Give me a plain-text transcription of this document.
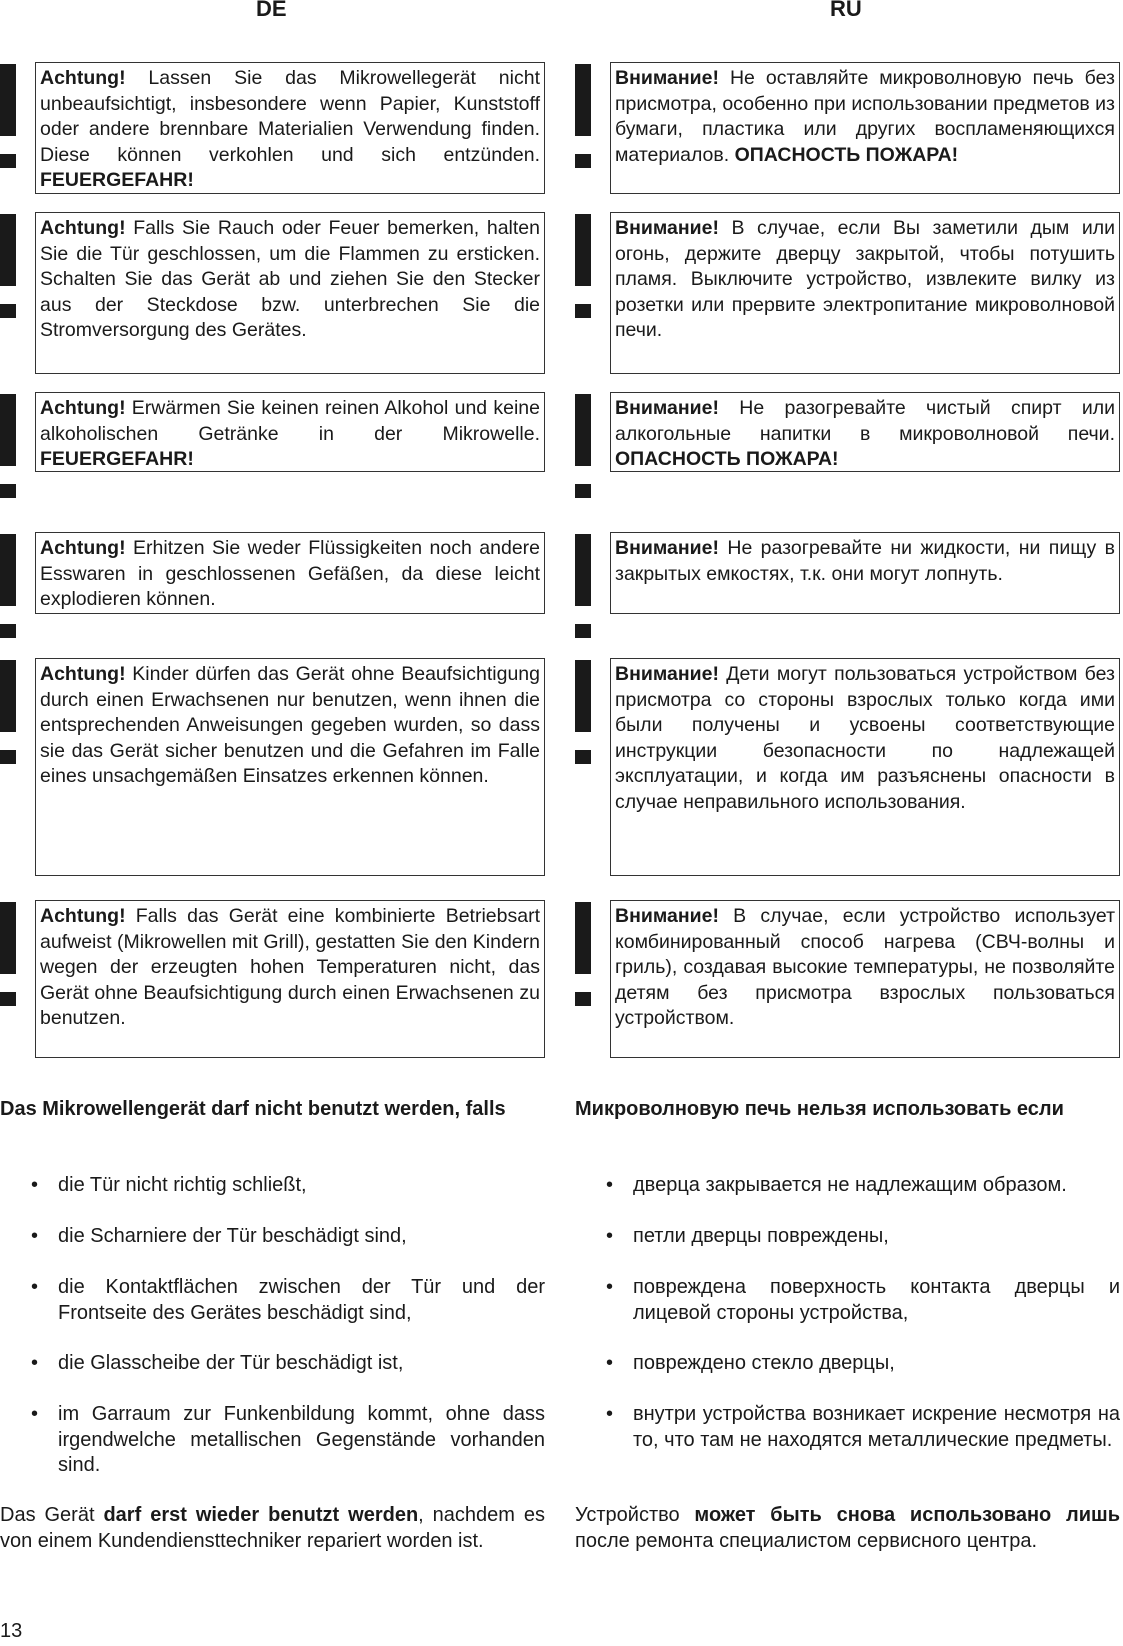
DE	RU
Achtung! Lassen Sie das Mikrowellegerät nicht unbeaufsichtigt, insbesondere wenn Papier, Kunststoff oder andere brennbare Materialien Verwendung finden. Diese können verkohlen und sich entzünden. FEUERGEFAHR!
Внимание! Не оставляйте микроволновую печь без присмотра, особенно при использовании предметов из бумаги, пластика или других воспламеняющихся материалов. ОПАСНОСТЬ ПОЖАРА!
Achtung! Falls Sie Rauch oder Feuer bemerken, halten Sie die Tür geschlossen, um die Flammen zu ersticken. Schalten Sie das Gerät ab und ziehen Sie den Stecker aus der Steckdose bzw. unterbrechen Sie die Stromversorgung des Gerätes.
Внимание! В случае, если Вы заметили дым или огонь, держите дверцу закрытой, чтобы потушить пламя. Выключите устройство, извлеките вилку из розетки или прервите электропитание микроволновой печи.
Achtung! Erwärmen Sie keinen reinen Alkohol und keine alkoholischen Getränke in der Mikrowelle. FEUERGEFAHR!
Внимание! Не разогревайте чистый спирт или алкогольные напитки в микроволновой печи. ОПАСНОСТЬ ПОЖАРА!
Achtung! Erhitzen Sie weder Flüssigkeiten noch andere Esswaren in geschlossenen Gefäßen, da diese leicht explodieren können.
Внимание! Не разогревайте ни жидкости, ни пищу в закрытых емкостях, т.к. они могут лопнуть.
Achtung! Kinder dürfen das Gerät ohne Beaufsichtigung durch einen Erwachsenen nur benutzen, wenn ihnen die entsprechenden Anweisungen gegeben wurden, so dass sie das Gerät sicher benutzen und die Gefahren im Falle eines unsachgemäßen Einsatzes erkennen können.
Внимание! Дети могут пользоваться устройством без присмотра со стороны взрослых только когда ими были получены и усвоены соответствующие инструкции безопасности по надлежащей эксплуатации, и когда им разъяснены опасности в случае неправильного использования.
Achtung! Falls das Gerät eine kombinierte Betriebsart aufweist (Mikrowellen mit Grill), gestatten Sie den Kindern wegen der erzeugten hohen Temperaturen nicht, das Gerät ohne Beaufsichtigung durch einen Erwachsenen zu benutzen.
Внимание! В случае, если устройство использует комбинированный способ нагрева (СВЧ-волны и гриль), создавая высокие температуры, не позволяйте детям без присмотра взрослых пользоваться устройством.
Das Mikrowellengerät darf nicht benutzt werden, falls
• die Tür nicht richtig schließt,
• die Scharniere der Tür beschädigt sind,
• die Kontaktflächen zwischen der Tür und der Frontseite des Gerätes beschädigt sind,
• die Glasscheibe der Tür beschädigt ist,
• im Garraum zur Funkenbildung kommt, ohne dass irgendwelche metallischen Gegenstände vorhanden sind.
Das Gerät darf erst wieder benutzt werden, nachdem es von einem Kundendiensttechniker repariert worden ist.
Микроволновую печь нельзя использовать если
• дверца закрывается не надлежащим образом.
• петли дверцы повреждены,
• повреждена поверхность контакта дверцы и лицевой стороны устройства,
• повреждено стекло дверцы,
• внутри устройства возникает искрение несмотря на то, что там не находятся металлические предметы.
Устройство может быть снова использовано лишь после ремонта специалистом сервисного центра.
13
